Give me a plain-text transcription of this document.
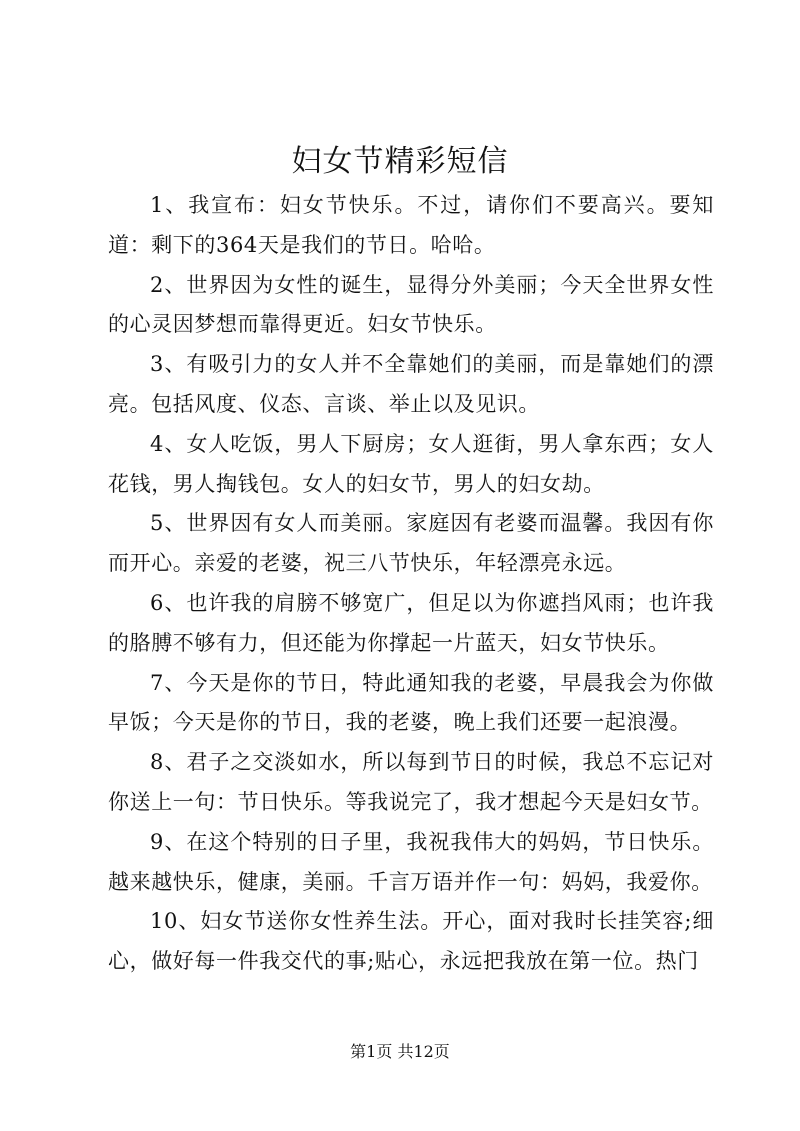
妇女节精彩短信

1、我宣布：妇女节快乐。不过，请你们不要高兴。要知道：剩下的364天是我们的节日。哈哈。

2、世界因为女性的诞生，显得分外美丽；今天全世界女性的心灵因梦想而靠得更近。妇女节快乐。

3、有吸引力的女人并不全靠她们的美丽，而是靠她们的漂亮。包括风度、仪态、言谈、举止以及见识。

4、女人吃饭，男人下厨房；女人逛街，男人拿东西；女人花钱，男人掏钱包。女人的妇女节，男人的妇女劫。

5、世界因有女人而美丽。家庭因有老婆而温馨。我因有你而开心。亲爱的老婆，祝三八节快乐，年轻漂亮永远。

6、也许我的肩膀不够宽广，但足以为你遮挡风雨；也许我的胳膊不够有力，但还能为你撑起一片蓝天，妇女节快乐。

7、今天是你的节日，特此通知我的老婆，早晨我会为你做早饭；今天是你的节日，我的老婆，晚上我们还要一起浪漫。

8、君子之交淡如水，所以每到节日的时候，我总不忘记对你送上一句：节日快乐。等我说完了，我才想起今天是妇女节。

9、在这个特别的日子里，我祝我伟大的妈妈，节日快乐。越来越快乐，健康，美丽。千言万语并作一句：妈妈，我爱你。

10、妇女节送你女性养生法。开心，面对我时长挂笑容;细心，做好每一件我交代的事;贴心，永远把我放在第一位。热门

第1页 共12页
